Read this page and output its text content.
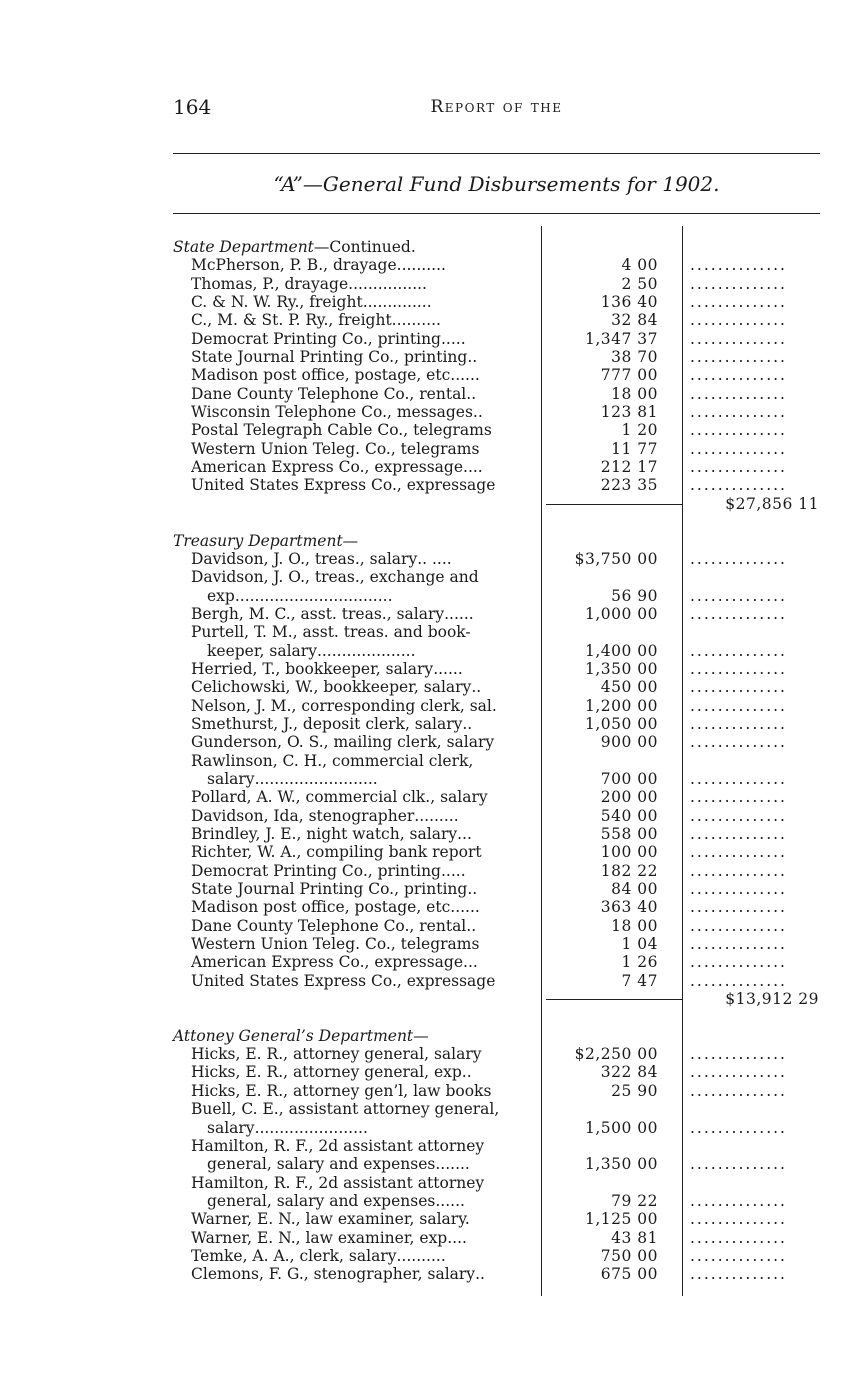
164	Report of the
“A”—General Fund Disbursements for 1902.
State Department—Continued.
McPherson, P. B., drayage..........	4 00 ..............
Thomas, P., drayage................	2 50 ..............
C. & N. W. Ry., freight..............	136 40 ..............
C., M. & St. P. Ry., freight..........	32 84 ..............
Democrat Printing Co., printing.....	1,347 37 ..............
State Journal Printing Co., printing..	38 70 ..............
Madison post office, postage, etc......	777 00 ..............
Dane County Telephone Co., rental..	18 00 ..............
Wisconsin Telephone Co., messages..	123 81 ..............
Postal Telegraph Cable Co., telegrams	1 20 ..............
Western Union Teleg. Co., telegrams	11 77 ..............
American Express Co., expressage....	212 17 ..............
United States Express Co., expressage	223 35 ..............
$27,856 11
Treasury Department—
Davidson, J. O., treas., salary.. ....	$3,750 00 ..............
Davidson, J. O., treas., exchange and
exp................................	56 90 ..............
Bergh, M. C., asst. treas., salary......	1,000 00 ..............
Purtell, T. M., asst. treas. and book-
keeper, salary....................	1,400 00 ..............
Herried, T., bookkeeper, salary......	1,350 00 ..............
Celichowski, W., bookkeeper, salary..	450 00 ..............
Nelson, J. M., corresponding clerk, sal.	1,200 00 ..............
Smethurst, J., deposit clerk, salary..	1,050 00 ..............
Gunderson, O. S., mailing clerk, salary	900 00 ..............
Rawlinson, C. H., commercial clerk,
salary.........................	700 00 ..............
Pollard, A. W., commercial clk., salary	200 00 ..............
Davidson, Ida, stenographer.........	540 00 ..............
Brindley, J. E., night watch, salary...	558 00 ..............
Richter, W. A., compiling bank report	100 00 ..............
Democrat Printing Co., printing.....	182 22 ..............
State Journal Printing Co., printing..	84 00 ..............
Madison post office, postage, etc......	363 40 ..............
Dane County Telephone Co., rental..	18 00 ..............
Western Union Teleg. Co., telegrams	1 04 ..............
American Express Co., expressage...	1 26 ..............
United States Express Co., expressage	7 47 ..............
$13,912 29
Attoney General’s Department—
Hicks, E. R., attorney general, salary	$2,250 00 ..............
Hicks, E. R., attorney general, exp..	322 84 ..............
Hicks, E. R., attorney gen’l, law books	25 90 ..............
Buell, C. E., assistant attorney general,
salary.......................	1,500 00 ..............
Hamilton, R. F., 2d assistant attorney
general, salary and expenses.......	1,350 00 ..............
Hamilton, R. F., 2d assistant attorney
general, salary and expenses......	79 22 ..............
Warner, E. N., law examiner, salary.	1,125 00 ..............
Warner, E. N., law examiner, exp....	43 81 ..............
Temke, A. A., clerk, salary..........	750 00 ..............
Clemons, F. G., stenographer, salary..	675 00 ..............
